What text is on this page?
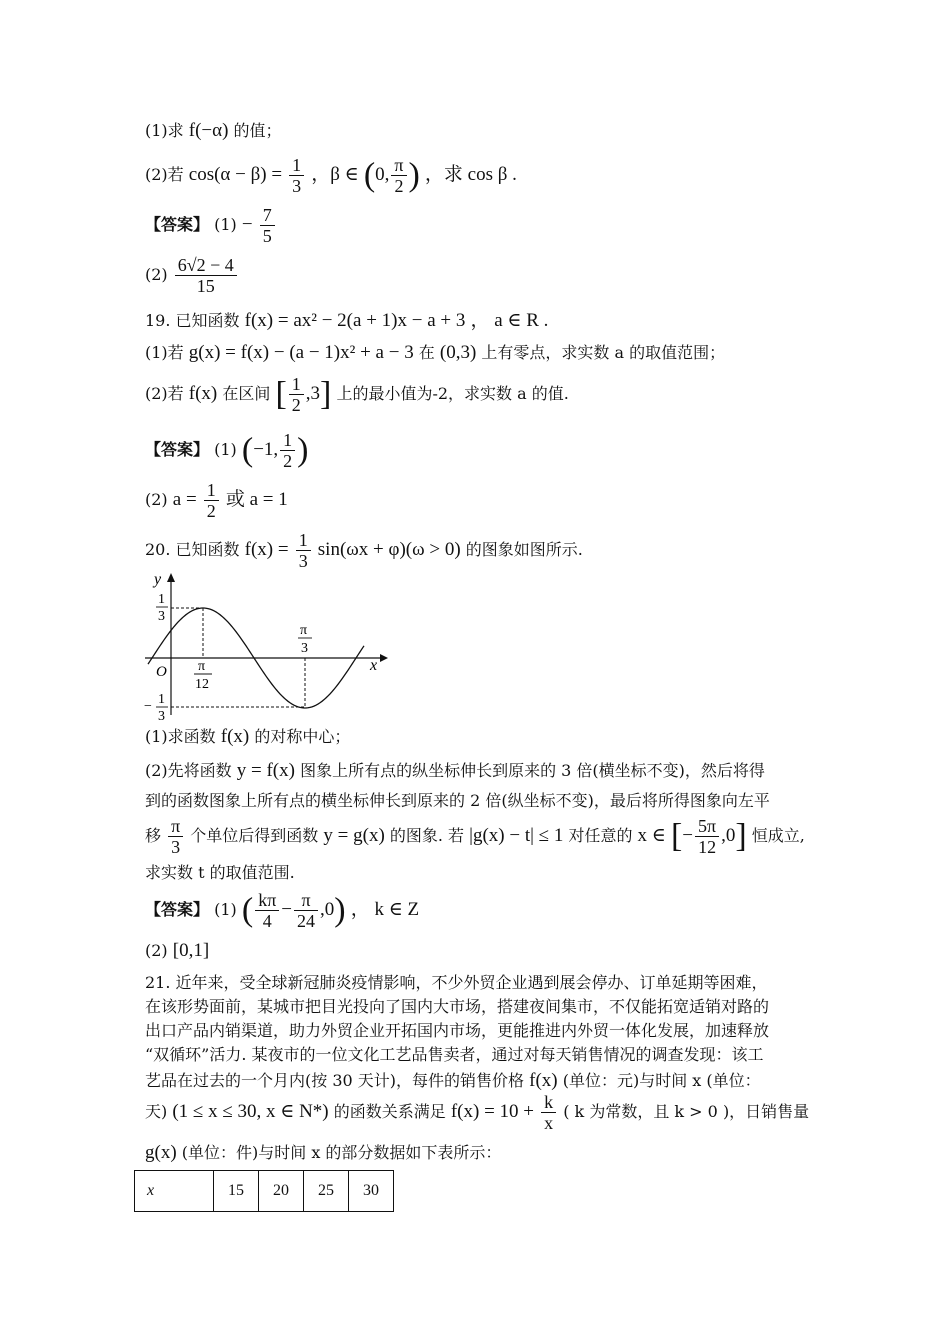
(1)求 f(−α) 的值；
(2)若 $\cos(\alpha - \beta) = \frac{1}{3}$ ，β ∈ (0, $\frac{\pi}{2}$ ) ，求 cos β .
【答案】 $(1) - \frac{7}{5}$
$(2) \frac{6√2 - 4}{15}$
19. 已知函数 f(x) = ax² − 2(a + 1)x − a + 3 ， a ∈ R .
(1)若 g(x) = f(x) − (a − 1)x² + a − 3 在 (0,3) 上有零点，求实数 a 的取值范围；
(2)若 f(x) 在区间 [ $\frac{1}{2} ,3$] 上的最小值为-2，求实数 a 的值.
【答案】 (1) (−1, $\frac{1}{2}$ )
(2) $a = \frac{1}{2}$ 或 a = 1
20. 已知函数 $f(x) = \frac{1}{3} \sin(\omega x + \varphi)(\omega > 0)$ 的图象如图所示.
y
x
O
1
3
− 1
3
π
12
π
3
(1)求函数 f(x) 的对称中心；
(2)先将函数 y = f(x) 图象上所有点的纵坐标伸长到原来的 3 倍(横坐标不变)，然后将得
到的函数图象上所有点的横坐标伸长到原来的 2 倍(纵坐标不变)，最后将所得图象向左平
移 $\frac{\pi}{3}$ 个单位后得到函数 y = g(x) 的图象. 若 |g(x) − t| ≤ 1 对任意的 x ∈ [− $\frac{5\pi}{12} ,0$] 恒成立,
求实数 t 的取值范围.
【答案】 (1) ( $\frac{k\pi}{4} - \frac{\pi}{24} ,0$) ， k ∈ Z
(2) [0,1]
21. 近年来，受全球新冠肺炎疫情影响，不少外贸企业遇到展会停办、订单延期等困难，
在该形势面前，某城市把目光投向了国内大市场，搭建夜间集市，不仅能拓宽适销对路的
出口产品内销渠道，助力外贸企业开拓国内市场，更能推进内外贸一体化发展，加速释放
“双循环”活力. 某夜市的一位文化工艺品售卖者，通过对每天销售情况的调查发现：该工
艺品在过去的一个月内(按 30 天计)，每件的销售价格 f(x) (单位：元)与时间 x (单位：
天) (1 ≤ x ≤ 30, x ∈ N*) 的函数关系满足 $f(x) = 10 + \frac{k}{x}$ ( k 为常数，且 k > 0 )，日销售量
g(x) (单位：件)与时间 x 的部分数据如下表所示：
x	15	20	25	30
